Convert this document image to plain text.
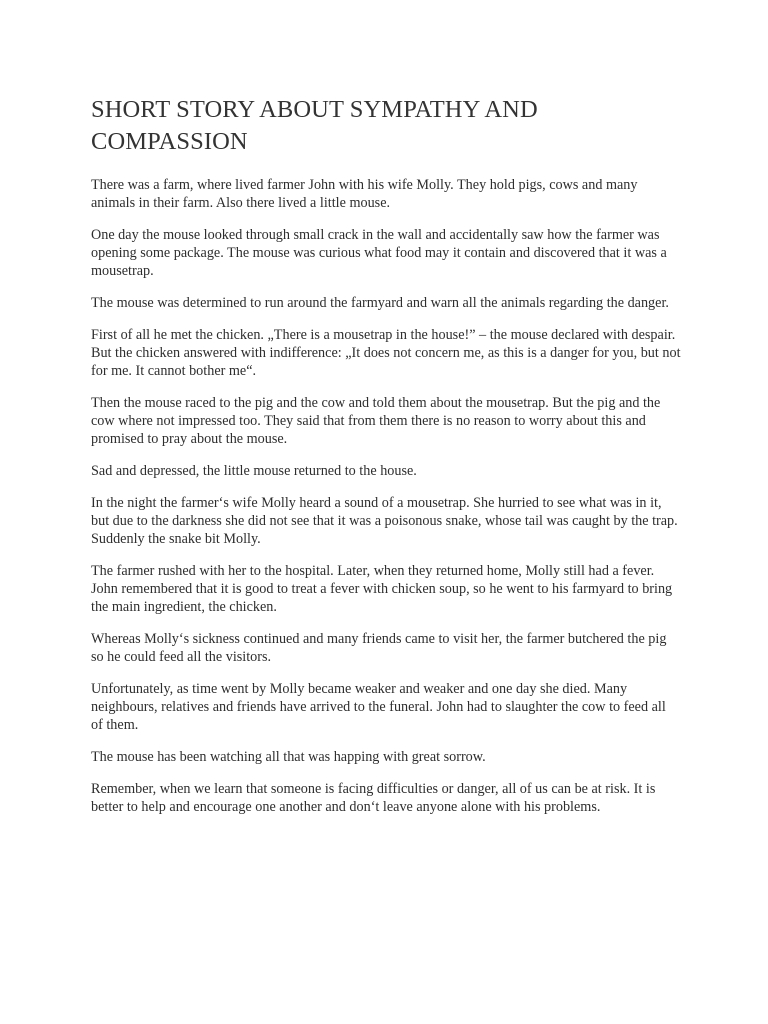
SHORT STORY ABOUT SYMPATHY AND COMPASSION

There was a farm, where lived farmer John with his wife Molly. They hold pigs, cows and many animals in their farm. Also there lived a little mouse.

One day the mouse looked through small crack in the wall and accidentally saw how the farmer was opening some package. The mouse was curious what food may it contain and discovered that it was a mousetrap.

The mouse was determined to run around the farmyard and warn all the animals regarding the danger.

First of all he met the chicken. „There is a mousetrap in the house!” – the mouse declared with despair. But the chicken answered with indifference: „It does not concern me, as this is a danger for you, but not for me. It cannot bother me“.

Then the mouse raced to the pig and the cow and told them about the mousetrap. But the pig and the cow where not impressed too. They said that from them there is no reason to worry about this and promised to pray about the mouse.

Sad and depressed, the little mouse returned to the house.

In the night the farmer‘s wife Molly heard a sound of a mousetrap. She hurried to see what was in it, but due to the darkness she did not see that it was a poisonous snake, whose tail was caught by the trap. Suddenly the snake bit Molly.

The farmer rushed with her to the hospital. Later, when they returned home, Molly still had a fever. John remembered that it is good to treat a fever with chicken soup, so he went to his farmyard to bring the main ingredient, the chicken.

Whereas Molly‘s sickness continued and many friends came to visit her, the farmer butchered the pig so he could feed all the visitors.

Unfortunately, as time went by Molly became weaker and weaker and one day she died. Many neighbours, relatives and friends have arrived to the funeral. John had to slaughter the cow to feed all of them.

The mouse has been watching all that was happing with great sorrow.

Remember, when we learn that someone is facing difficulties or danger, all of us can be at risk. It is better to help and encourage one another and don‘t leave anyone alone with his problems.
